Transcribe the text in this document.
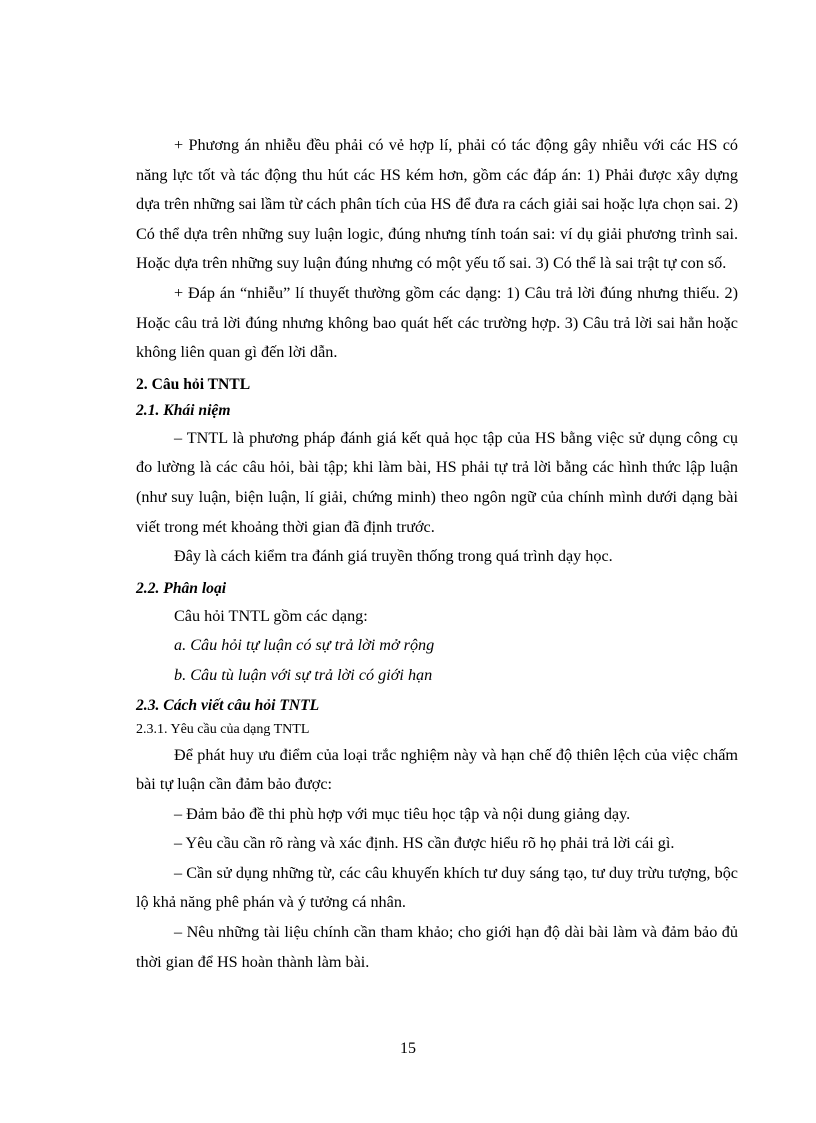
+ Phương án nhiễu đều phải có vẻ hợp lí, phải có tác động gây nhiễu với các HS có năng lực tốt và tác động thu hút các HS kém hơn, gồm các đáp án: 1) Phải được xây dựng dựa trên những sai lầm từ cách phân tích của HS để đưa ra cách giải sai hoặc lựa chọn sai. 2) Có thể dựa trên những suy luận logic, đúng nhưng tính toán sai: ví dụ giải phương trình sai. Hoặc dựa trên những suy luận đúng nhưng có một yếu tố sai. 3) Có thể là sai trật tự con số.

+ Đáp án “nhiễu” lí thuyết thường gồm các dạng: 1) Câu trả lời đúng nhưng thiếu. 2) Hoặc câu trả lời đúng nhưng không bao quát hết các trường hợp. 3) Câu trả lời sai hẳn hoặc không liên quan gì đến lời dẫn.

2. Câu hỏi TNTL

2.1. Khái niệm

– TNTL là phương pháp đánh giá kết quả học tập của HS bằng việc sử dụng công cụ đo lường là các câu hỏi, bài tập; khi làm bài, HS phải tự trả lời bằng các hình thức lập luận (như suy luận, biện luận, lí giải, chứng minh) theo ngôn ngữ của chính mình dưới dạng bài viết trong mét khoảng thời gian đã định trước.

Đây là cách kiểm tra đánh giá truyền thống trong quá trình dạy học.

2.2. Phân loại

Câu hỏi TNTL gồm các dạng:

a. Câu hỏi tự luận có sự trả lời mở rộng

b. Câu tù luận với sự trả lời có giới hạn

2.3. Cách viết câu hỏi TNTL

2.3.1. Yêu cầu của dạng TNTL

Để phát huy ưu điểm của loại trắc nghiệm này và hạn chế độ thiên lệch của việc chấm bài tự luận cần đảm bảo được:

– Đảm bảo đề thi phù hợp với mục tiêu học tập và nội dung giảng dạy.

– Yêu cầu cần rõ ràng và xác định. HS cần được hiểu rõ họ phải trả lời cái gì.

– Cần sử dụng những từ, các câu khuyến khích tư duy sáng tạo, tư duy trừu tượng, bộc lộ khả năng phê phán và ý tưởng cá nhân.

– Nêu những tài liệu chính cần tham khảo; cho giới hạn độ dài bài làm và đảm bảo đủ thời gian để HS hoàn thành làm bài.

15
